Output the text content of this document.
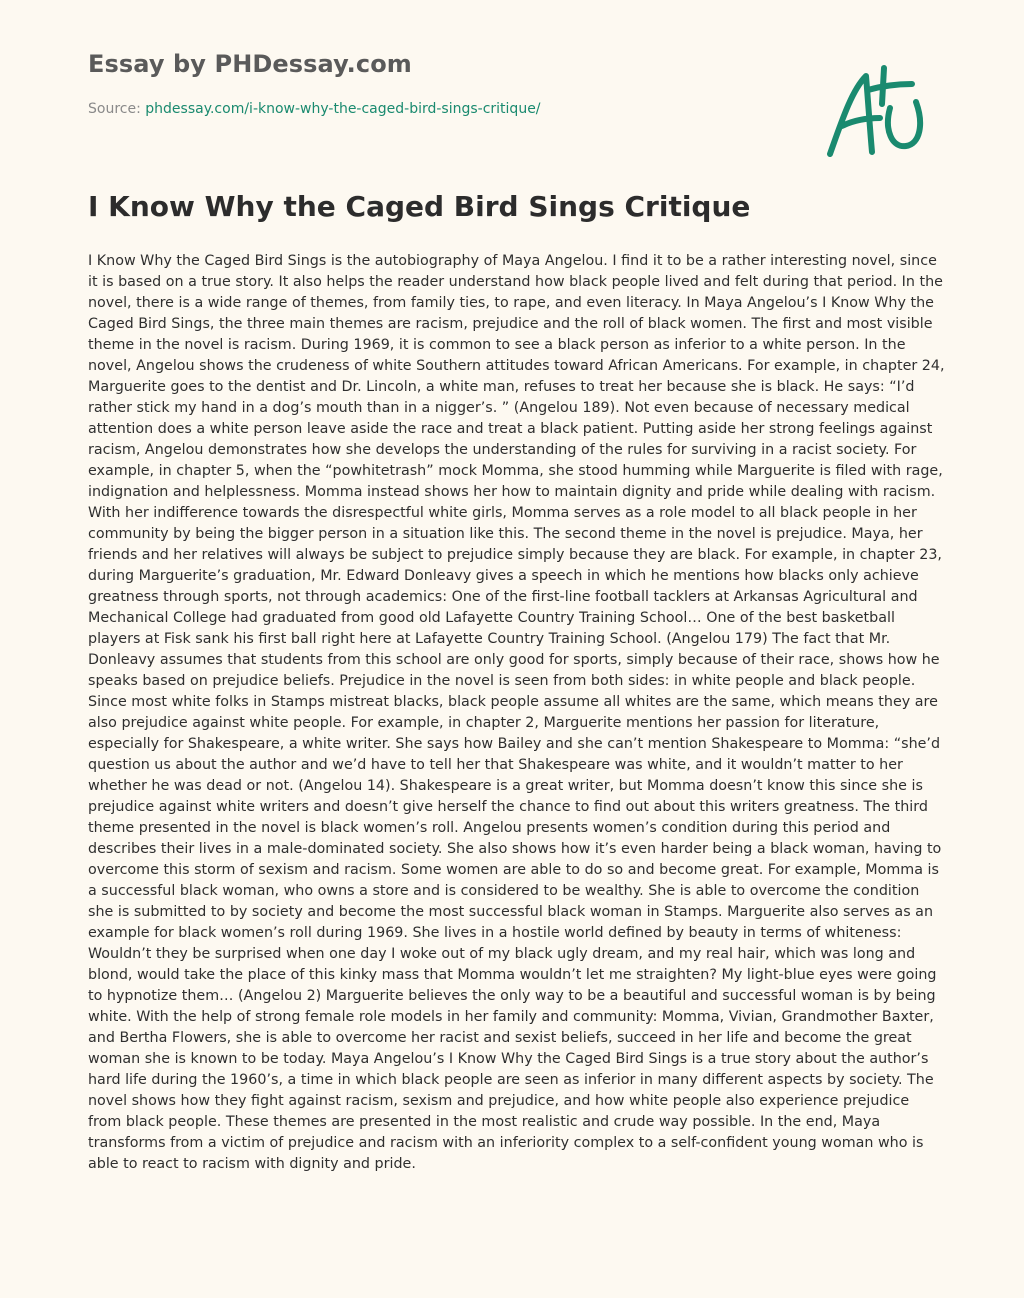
Essay by PHDessay.com
Source: phdessay.com/i-know-why-the-caged-bird-sings-critique/
I Know Why the Caged Bird Sings Critique

I Know Why the Caged Bird Sings is the autobiography of Maya Angelou. I find it to be a rather interesting novel, since it is based on a true story. It also helps the reader understand how black people lived and felt during that period. In the novel, there is a wide range of themes, from family ties, to rape, and even literacy. In Maya Angelou’s I Know Why the Caged Bird Sings, the three main themes are racism, prejudice and the roll of black women. The first and most visible theme in the novel is racism. During 1969, it is common to see a black person as inferior to a white person. In the novel, Angelou shows the crudeness of white Southern attitudes toward African Americans. For example, in chapter 24, Marguerite goes to the dentist and Dr. Lincoln, a white man, refuses to treat her because she is black. He says: “I’d rather stick my hand in a dog’s mouth than in a nigger’s. ” (Angelou 189). Not even because of necessary medical attention does a white person leave aside the race and treat a black patient. Putting aside her strong feelings against racism, Angelou demonstrates how she develops the understanding of the rules for surviving in a racist society. For example, in chapter 5, when the “powhitetrash” mock Momma, she stood humming while Marguerite is filed with rage, indignation and helplessness. Momma instead shows her how to maintain dignity and pride while dealing with racism. With her indifference towards the disrespectful white girls, Momma serves as a role model to all black people in her community by being the bigger person in a situation like this. The second theme in the novel is prejudice. Maya, her friends and her relatives will always be subject to prejudice simply because they are black. For example, in chapter 23, during Marguerite’s graduation, Mr. Edward Donleavy gives a speech in which he mentions how blacks only achieve greatness through sports, not through academics: One of the first-line football tacklers at Arkansas Agricultural and Mechanical College had graduated from good old Lafayette Country Training School… One of the best basketball players at Fisk sank his first ball right here at Lafayette Country Training School. (Angelou 179) The fact that Mr. Donleavy assumes that students from this school are only good for sports, simply because of their race, shows how he speaks based on prejudice beliefs. Prejudice in the novel is seen from both sides: in white people and black people. Since most white folks in Stamps mistreat blacks, black people assume all whites are the same, which means they are also prejudice against white people. For example, in chapter 2, Marguerite mentions her passion for literature, especially for Shakespeare, a white writer. She says how Bailey and she can’t mention Shakespeare to Momma: “she’d question us about the author and we’d have to tell her that Shakespeare was white, and it wouldn’t matter to her whether he was dead or not. (Angelou 14). Shakespeare is a great writer, but Momma doesn’t know this since she is prejudice against white writers and doesn’t give herself the chance to find out about this writers greatness. The third theme presented in the novel is black women’s roll. Angelou presents women’s condition during this period and describes their lives in a male-dominated society. She also shows how it’s even harder being a black woman, having to overcome this storm of sexism and racism. Some women are able to do so and become great. For example, Momma is a successful black woman, who owns a store and is considered to be wealthy. She is able to overcome the condition she is submitted to by society and become the most successful black woman in Stamps. Marguerite also serves as an example for black women’s roll during 1969. She lives in a hostile world defined by beauty in terms of whiteness: Wouldn’t they be surprised when one day I woke out of my black ugly dream, and my real hair, which was long and blond, would take the place of this kinky mass that Momma wouldn’t let me straighten? My light-blue eyes were going to hypnotize them… (Angelou 2) Marguerite believes the only way to be a beautiful and successful woman is by being white. With the help of strong female role models in her family and community: Momma, Vivian, Grandmother Baxter, and Bertha Flowers, she is able to overcome her racist and sexist beliefs, succeed in her life and become the great woman she is known to be today. Maya Angelou’s I Know Why the Caged Bird Sings is a true story about the author’s hard life during the 1960’s, a time in which black people are seen as inferior in many different aspects by society. The novel shows how they fight against racism, sexism and prejudice, and how white people also experience prejudice from black people. These themes are presented in the most realistic and crude way possible. In the end, Maya transforms from a victim of prejudice and racism with an inferiority complex to a self-confident young woman who is able to react to racism with dignity and pride.
